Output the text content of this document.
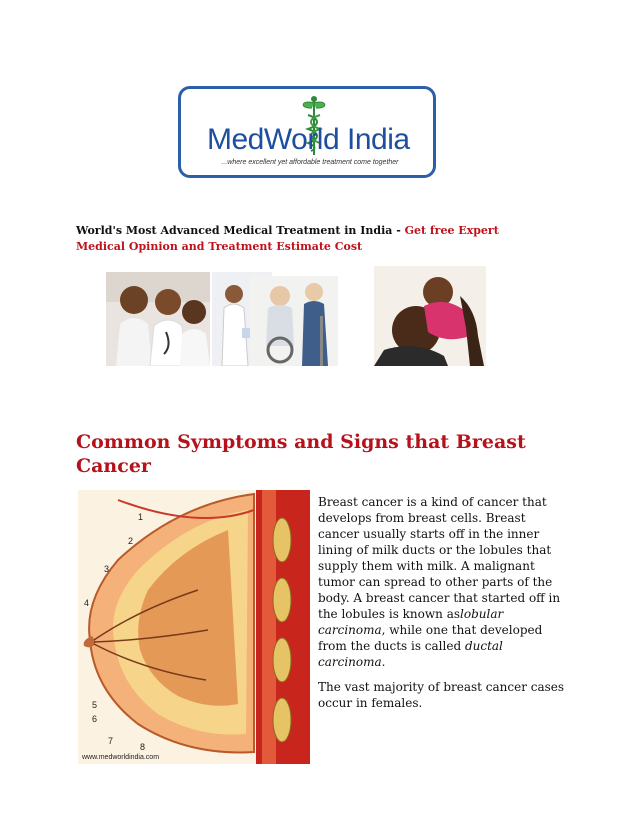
MedWorld India
...where excellent yet affordable treatment come together
World's Most Advanced Medical Treatment in India - Get free Expert Medical Opinion and Treatment Estimate Cost
Common Symptoms and Signs that Breast Cancer
1
2
3
4
5
6
7
8
www.medworldindia.com

Breast cancer is a kind of cancer that develops from breast cells. Breast cancer usually starts off in the inner lining of milk ducts or the lobules that supply them with milk. A malignant tumor can spread to other parts of the body. A breast cancer that started off in the lobules is known aslobular carcinoma, while one that developed from the ducts is called ductal carcinoma.

The vast majority of breast cancer cases occur in females.
